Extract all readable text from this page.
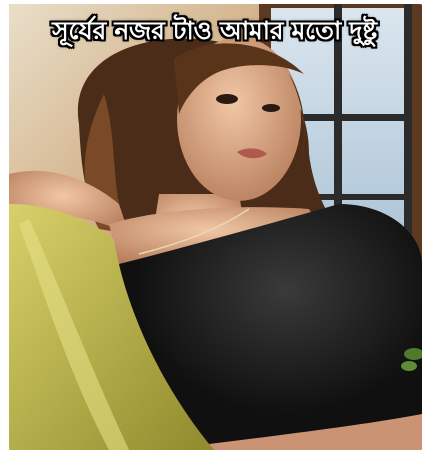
সূর্যের নজর টাও আমার মতো দুষ্টু
